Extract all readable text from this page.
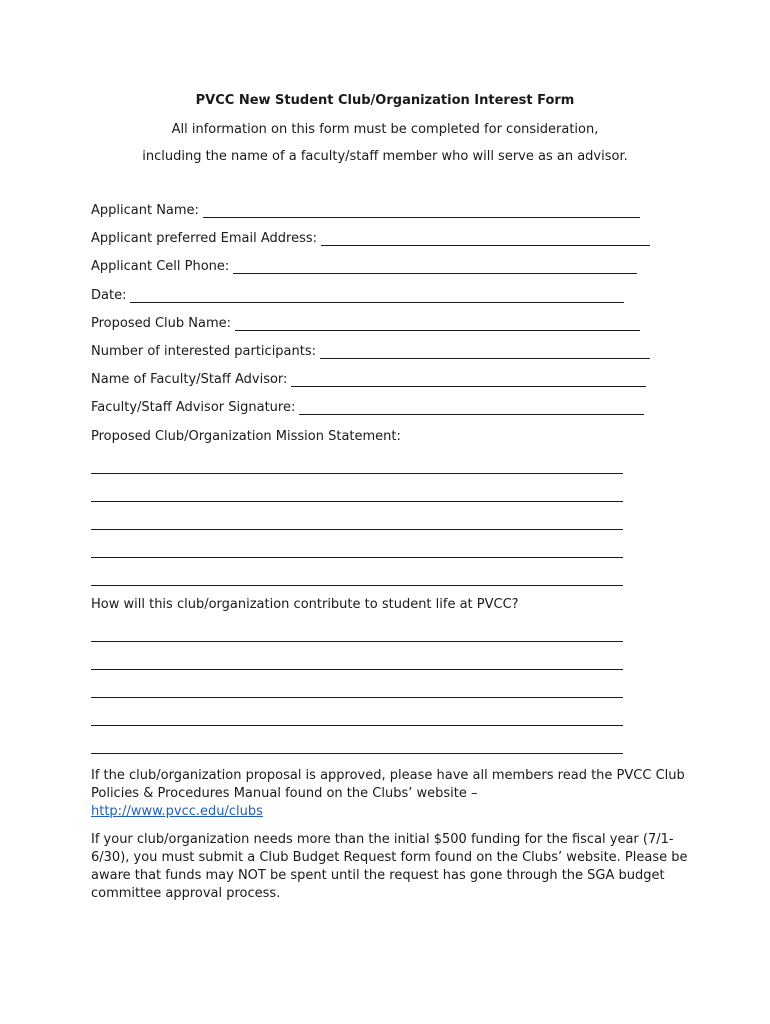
PVCC New Student Club/Organization Interest Form
All information on this form must be completed for consideration,
including the name of a faculty/staff member who will serve as an advisor.
Applicant Name:
Applicant preferred Email Address:
Applicant Cell Phone:
Date:
Proposed Club Name:
Number of interested participants:
Name of Faculty/Staff Advisor:
Faculty/Staff Advisor Signature:
Proposed Club/Organization Mission Statement:
How will this club/organization contribute to student life at PVCC?
If the club/organization proposal is approved, please have all members read the PVCC Club Policies & Procedures Manual found on the Clubs’ website –
http://www.pvcc.edu/clubs
If your club/organization needs more than the initial $500 funding for the fiscal year (7/1-6/30), you must submit a Club Budget Request form found on the Clubs’ website. Please be aware that funds may NOT be spent until the request has gone through the SGA budget committee approval process.
